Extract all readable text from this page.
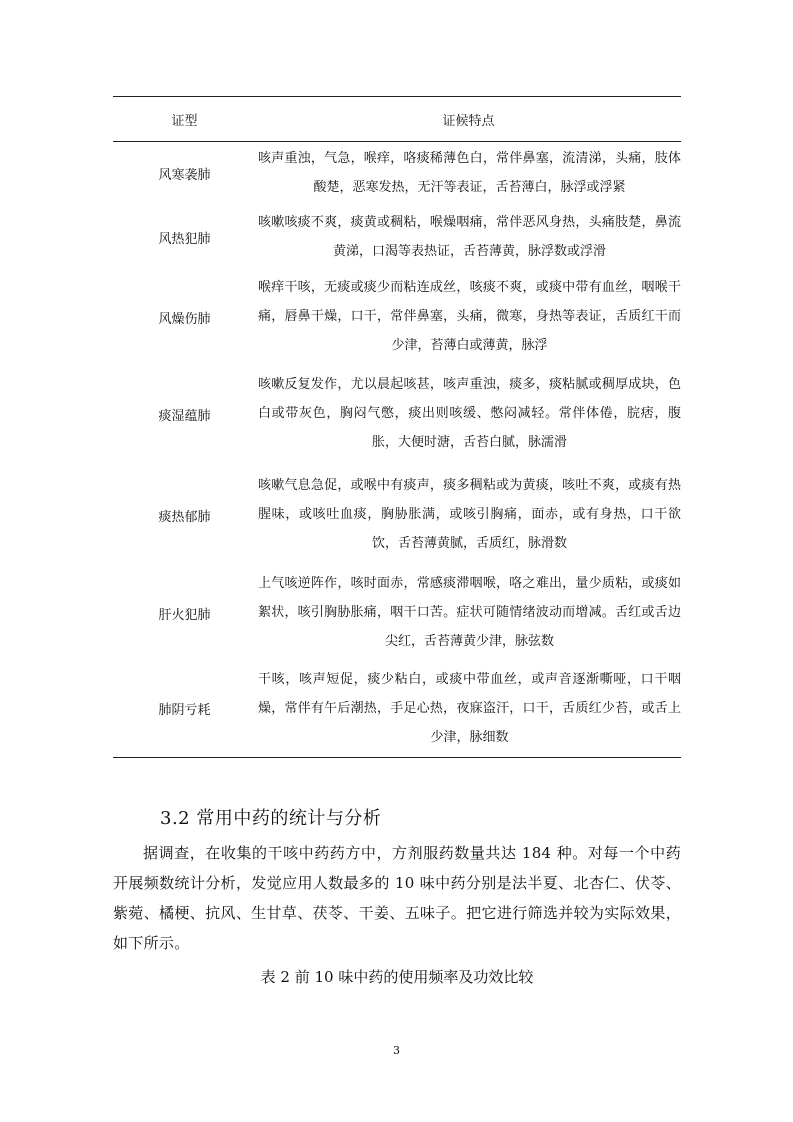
证型	证候特点
风寒袭肺
咳声重浊，气急，喉痒，咯痰稀薄色白，常伴鼻塞，流清涕，头痛，肢体酸楚，恶寒发热，无汗等表证，舌苔薄白，脉浮或浮紧
风热犯肺
咳嗽咳痰不爽，痰黄或稠粘，喉燥咽痛，常伴恶风身热，头痛肢楚，鼻流黄涕，口渴等表热证，舌苔薄黄，脉浮数或浮滑
风燥伤肺
喉痒干咳，无痰或痰少而粘连成丝，咳痰不爽，或痰中带有血丝，咽喉干痛，唇鼻干燥，口干，常伴鼻塞，头痛，微寒，身热等表证，舌质红干而少津，苔薄白或薄黄，脉浮
痰湿蕴肺
咳嗽反复发作，尤以晨起咳甚，咳声重浊，痰多，痰粘腻或稠厚成块，色白或带灰色，胸闷气憋，痰出则咳缓、憋闷减轻。常伴体倦，脘痞，腹胀，大便时溏，舌苔白腻，脉濡滑
痰热郁肺
咳嗽气息急促，或喉中有痰声，痰多稠粘或为黄痰，咳吐不爽，或痰有热腥味，或咳吐血痰，胸胁胀满，或咳引胸痛，面赤，或有身热，口干欲饮，舌苔薄黄腻，舌质红，脉滑数
肝火犯肺
上气咳逆阵作，咳时面赤，常感痰滞咽喉，咯之难出，量少质粘，或痰如絮状，咳引胸胁胀痛，咽干口苦。症状可随情绪波动而增减。舌红或舌边尖红，舌苔薄黄少津，脉弦数
肺阴亏耗
干咳，咳声短促，痰少粘白，或痰中带血丝，或声音逐渐嘶哑，口干咽燥，常伴有午后潮热，手足心热，夜寐盗汗，口干，舌质红少苔，或舌上少津，脉细数
3.2 常用中药的统计与分析

据调查，在收集的干咳中药药方中，方剂服药数量共达 184 种。对每一个中药开展频数统计分析，发觉应用人数最多的 10 味中药分别是法半夏、北杏仁、伏苓、紫菀、橘梗、抗风、生甘草、茯苓、干姜、五味子。把它进行筛选并较为实际效果，如下所示。

表 2 前 10 味中药的使用频率及功效比较
3
